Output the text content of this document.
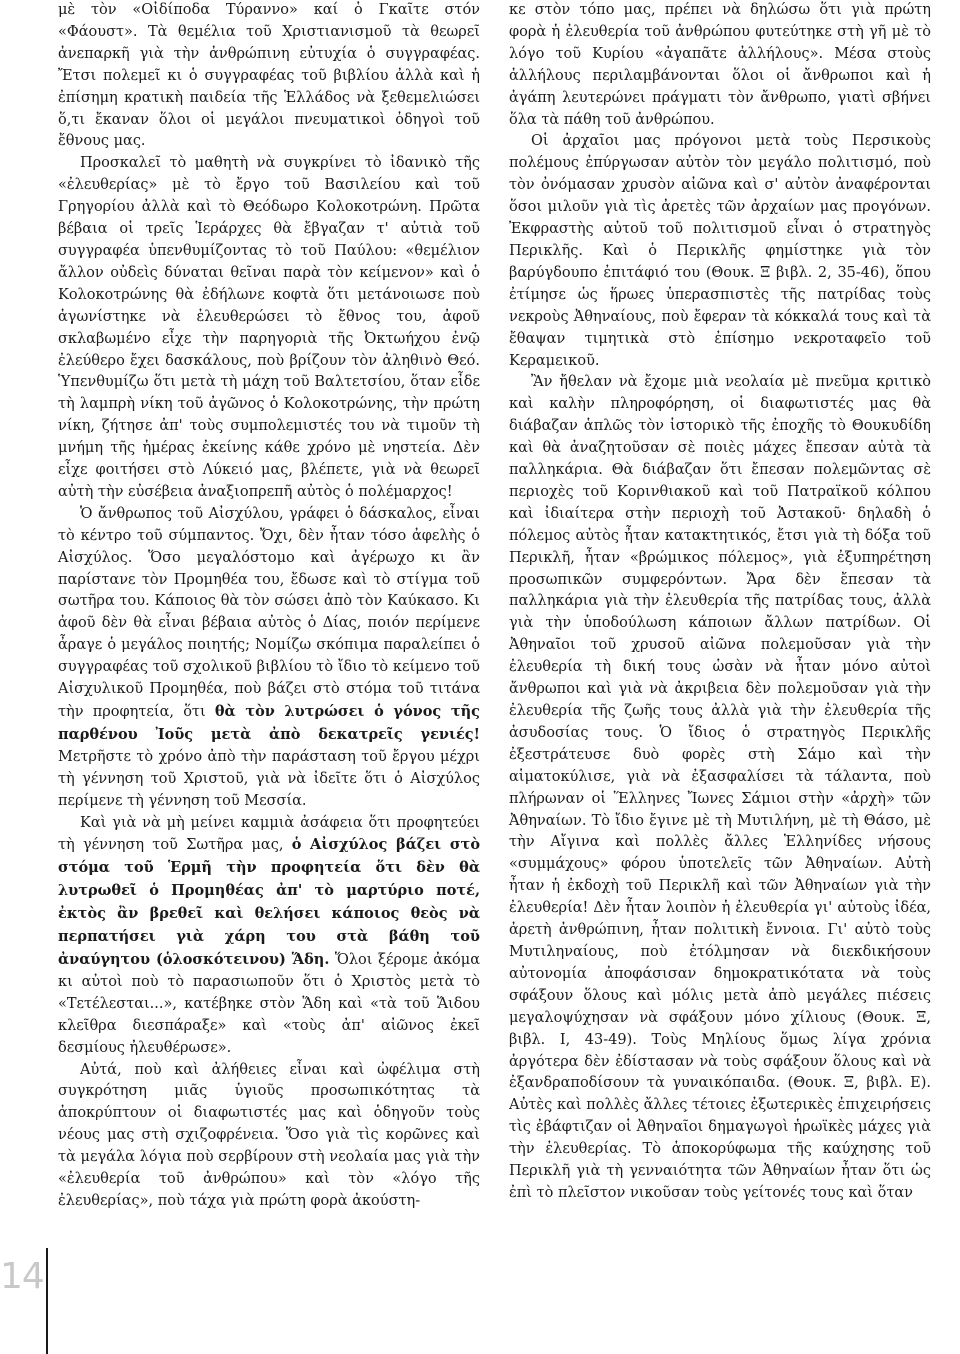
μὲ τὸν «Οἰδίποδα Τύραννο» καί ὁ Γκαῖτε στόν «Φάουστ». Τὰ θεμέλια τοῦ Χριστιανισμοῦ τὰ θεωρεῖ ἀνεπαρκῆ γιὰ τὴν ἀνθρώπινη εὐτυχία ὁ συγγραφέας. Ἔτσι πολεμεῖ κι ὁ συγγραφέας τοῦ βιβλίου ἀλλὰ καὶ ἡ ἐπίσημη κρατικὴ παιδεία τῆς Ἑλλάδος νὰ ξεθεμελιώσει ὅ,τι ἔκαναν ὅλοι οἱ μεγάλοι πνευματικοὶ ὁδηγοὶ τοῦ ἔθνους μας.

Προσκαλεῖ τὸ μαθητὴ νὰ συγκρίνει τὸ ἰδανικὸ τῆς «ἐλευθερίας» μὲ τὸ ἔργο τοῦ Βασιλείου καὶ τοῦ Γρηγορίου ἀλλὰ καὶ τὸ Θεόδωρο Κολοκοτρώνη. Πρῶτα βέβαια οἱ τρεῖς Ἱεράρχες θὰ ἔβγαζαν τ' αὐτιὰ τοῦ συγγραφέα ὑπενθυμίζοντας τὸ τοῦ Παύλου: «θεμέλιον ἄλλον οὐδεὶς δύναται θεῖναι παρὰ τὸν κείμενον» καὶ ὁ Κολοκοτρώνης θὰ ἐδήλωνε κοφτὰ ὅτι μετάνοιωσε ποὺ ἀγωνίστηκε νὰ ἐλευθερώσει τὸ ἔθνος του, ἀφοῦ σκλαβωμένο εἶχε τὴν παρηγοριὰ τῆς Ὀκτωήχου ἐνῷ ἐλεύθερο ἔχει δασκάλους, ποὺ βρίζουν τὸν ἀληθινὸ Θεό. Ὑπενθυμίζω ὅτι μετὰ τὴ μάχη τοῦ Βαλτετσίου, ὅταν εἶδε τὴ λαμπρὴ νίκη τοῦ ἀγῶνος ὁ Κολοκοτρώνης, τὴν πρώτη νίκη, ζήτησε ἀπ' τοὺς συμπολεμιστές του νὰ τιμοῦν τὴ μνήμη τῆς ἡμέρας ἐκείνης κάθε χρόνο μὲ νηστεία. Δὲν εἶχε φοιτήσει στὸ Λύκειό μας, βλέπετε, γιὰ νὰ θεωρεῖ αὐτὴ τὴν εὐσέβεια ἀναξιοπρεπῆ αὐτὸς ὁ πολέμαρχος!

Ὁ ἄνθρωπος τοῦ Αἰσχύλου, γράφει ὁ δάσκαλος, εἶναι τὸ κέντρο τοῦ σύμπαντος. Ὄχι, δὲν ἦταν τόσο ἀφελὴς ὁ Αἰσχύλος. Ὅσο μεγαλόστομο καὶ ἀγέρωχο κι ἂν παρίστανε τὸν Προμηθέα του, ἔδωσε καὶ τὸ στίγμα τοῦ σωτῆρα του. Κάποιος θὰ τὸν σώσει ἀπὸ τὸν Καύκασο. Κι ἀφοῦ δὲν θὰ εἶναι βέβαια αὐτὸς ὁ Δίας, ποιόν περίμενε ἆραγε ὁ μεγάλος ποιητής; Νομίζω σκόπιμα παραλείπει ὁ συγγραφέας τοῦ σχολικοῦ βιβλίου τὸ ἴδιο τὸ κείμενο τοῦ Αἰσχυλικοῦ Προμηθέα, ποὺ βάζει στὸ στόμα τοῦ τιτάνα τὴν προφητεία, ὅτι θὰ τὸν λυτρώσει ὁ γόνος τῆς παρθένου Ἰοῦς μετὰ ἀπὸ δεκατρεῖς γενιές! Μετρῆστε τὸ χρόνο ἀπὸ τὴν παράσταση τοῦ ἔργου μέχρι τὴ γέννηση τοῦ Χριστοῦ, γιὰ νὰ ἰδεῖτε ὅτι ὁ Αἰσχύλος περίμενε τὴ γέννηση τοῦ Μεσσία.

Καὶ γιὰ νὰ μὴ μείνει καμμιὰ ἀσάφεια ὅτι προφητεύει τὴ γέννηση τοῦ Σωτῆρα μας, ὁ Αἰσχύλος βάζει στὸ στόμα τοῦ Ἑρμῆ τὴν προφητεία ὅτι δὲν θὰ λυτρωθεῖ ὁ Προμηθέας ἀπ' τὸ μαρτύριο ποτέ, ἐκτὸς ἂν βρεθεῖ καὶ θελήσει κάποιος θεὸς νὰ περπατήσει γιὰ χάρη του στὰ βάθη τοῦ ἀναύγητου (ὁλοσκότεινου) Ἅδη. Ὅλοι ξέρομε ἀκόμα κι αὐτοὶ ποὺ τὸ παρασιωποῦν ὅτι ὁ Χριστὸς μετὰ τὸ «Τετέλεσται...», κατέβηκε στὸν Ἅδη καὶ «τὰ τοῦ Ἅιδου κλεῖθρα διεσπάραξε» καὶ «τοὺς ἀπ' αἰῶνος ἐκεῖ δεσμίους ἠλευθέρωσε».

Αὐτά, ποὺ καὶ ἀλήθειες εἶναι καὶ ὠφέλιμα στὴ συγκρότηση μιᾶς ὑγιοῦς προσωπικότητας τὰ ἀποκρύπτουν οἱ διαφωτιστές μας καὶ ὁδηγοῦν τοὺς νέους μας στὴ σχιζοφρένεια. Ὅσο γιὰ τὶς κορῶνες καὶ τὰ μεγάλα λόγια ποὺ σερβίρουν στὴ νεολαία μας γιὰ τὴν «ἐλευθερία τοῦ ἀνθρώπου» καὶ τὸν «λόγο τῆς ἐλευθερίας», ποὺ τάχα γιὰ πρώτη φορὰ ἀκούστη-

κε στὸν τόπο μας, πρέπει νὰ δηλώσω ὅτι γιὰ πρώτη φορὰ ἡ ἐλευθερία τοῦ ἀνθρώπου φυτεύτηκε στὴ γῆ μὲ τὸ λόγο τοῦ Κυρίου «ἀγαπᾶτε ἀλλήλους». Μέσα στοὺς ἀλλήλους περιλαμβάνονται ὅλοι οἱ ἄνθρωποι καὶ ἡ ἀγάπη λευτερώνει πράγματι τὸν ἄνθρωπο, γιατὶ σβήνει ὅλα τὰ πάθη τοῦ ἀνθρώπου.

Οἱ ἀρχαῖοι μας πρόγονοι μετὰ τοὺς Περσικοὺς πολέμους ἐπύργωσαν αὐτὸν τὸν μεγάλο πολιτισμό, ποὺ τὸν ὀνόμασαν χρυσὸν αἰῶνα καὶ σ' αὐτὸν ἀναφέρονται ὅσοι μιλοῦν γιὰ τὶς ἀρετὲς τῶν ἀρχαίων μας προγόνων. Ἐκφραστὴς αὐτοῦ τοῦ πολιτισμοῦ εἶναι ὁ στρατηγὸς Περικλῆς. Καὶ ὁ Περικλῆς φημίστηκε γιὰ τὸν βαρύγδουπο ἐπιτάφιό του (Θουκ. Ξ βιβλ. 2, 35-46), ὅπου ἐτίμησε ὡς ἥρωες ὑπερασπιστὲς τῆς πατρίδας τοὺς νεκροὺς Ἀθηναίους, ποὺ ἔφεραν τὰ κόκκαλά τους καὶ τὰ ἔθαψαν τιμητικὰ στὸ ἐπίσημο νεκροταφεῖο τοῦ Κεραμεικοῦ.

Ἂν ἤθελαν νὰ ἔχομε μιὰ νεολαία μὲ πνεῦμα κριτικὸ καὶ καλὴν πληροφόρηση, οἱ διαφωτιστές μας θὰ διάβαζαν ἁπλῶς τὸν ἱστορικὸ τῆς ἐποχῆς τὸ Θουκυδίδη καὶ θὰ ἀναζητοῦσαν σὲ ποιὲς μάχες ἔπεσαν αὐτὰ τὰ παλληκάρια. Θὰ διάβαζαν ὅτι ἔπεσαν πολεμῶντας σὲ περιοχὲς τοῦ Κορινθιακοῦ καὶ τοῦ Πατραϊκοῦ κόλπου καὶ ἰδιαίτερα στὴν περιοχὴ τοῦ Ἀστακοῦ· δηλαδὴ ὁ πόλεμος αὐτὸς ἦταν κατακτητικός, ἔτσι γιὰ τὴ δόξα τοῦ Περικλῆ, ἦταν «βρώμικος πόλεμος», γιὰ ἐξυπηρέτηση προσωπικῶν συμφερόντων. Ἄρα δὲν ἔπεσαν τὰ παλληκάρια γιὰ τὴν ἐλευθερία τῆς πατρίδας τους, ἀλλὰ γιὰ τὴν ὑποδούλωση κάποιων ἄλλων πατρίδων. Οἱ Ἀθηναῖοι τοῦ χρυσοῦ αἰῶνα πολεμοῦσαν γιὰ τὴν ἐλευθερία τὴ δική τους ὡσὰν νὰ ἦταν μόνο αὐτοὶ ἄνθρωποι καὶ γιὰ νὰ ἀκριβεια δὲν πολεμοῦσαν γιὰ τὴν ἐλευθερία τῆς ζωῆς τους ἀλλὰ γιὰ τὴν ἐλευθερία τῆς ἀσυδοσίας τους. Ὁ ἴδιος ὁ στρατηγὸς Περικλῆς ἐξεστράτευσε δυὸ φορὲς στὴ Σάμο καὶ τὴν αἱματοκύλισε, γιὰ νὰ ἐξασφαλίσει τὰ τάλαντα, ποὺ πλήρωναν οἱ Ἕλληνες Ἴωνες Σάμιοι στὴν «ἀρχὴ» τῶν Ἀθηναίων. Τὸ ἴδιο ἔγινε μὲ τὴ Μυτιλήνη, μὲ τὴ Θάσο, μὲ τὴν Αἴγινα καὶ πολλὲς ἄλλες Ἑλληνίδες νήσους «συμμάχους» φόρου ὑποτελεῖς τῶν Ἀθηναίων. Αὐτὴ ἦταν ἡ ἐκδοχὴ τοῦ Περικλῆ καὶ τῶν Ἀθηναίων γιὰ τὴν ἐλευθερία! Δὲν ἦταν λοιπὸν ἡ ἐλευθερία γι' αὐτοὺς ἰδέα, ἀρετὴ ἀνθρώπινη, ἦταν πολιτικὴ ἔννοια. Γι' αὐτὸ τοὺς Μυτιληναίους, ποὺ ἐτόλμησαν νὰ διεκδικήσουν αὐτονομία ἀποφάσισαν δημοκρατικότατα νὰ τοὺς σφάξουν ὅλους καὶ μόλις μετὰ ἀπὸ μεγάλες πιέσεις μεγαλοψύχησαν νὰ σφάξουν μόνο χίλιους (Θουκ. Ξ, βιβλ. Ι, 43-49). Τοὺς Μηλίους ὅμως λίγα χρόνια ἀργότερα δὲν ἐδίστασαν νὰ τοὺς σφάξουν ὅλους καὶ νὰ ἐξανδραποδίσουν τὰ γυναικόπαιδα. (Θουκ. Ξ, βιβλ. Ε). Αὐτὲς καὶ πολλὲς ἄλλες τέτοιες ἐξωτερικὲς ἐπιχειρήσεις τὶς ἐβάφτιζαν οἱ Ἀθηναῖοι δημαγωγοὶ ἡρωϊκὲς μάχες γιὰ τὴν ἐλευθερίας. Τὸ ἀποκορύφωμα τῆς καύχησης τοῦ Περικλῆ γιὰ τὴ γενναιότητα τῶν Ἀθηναίων ἦταν ὅτι ὡς ἐπὶ τὸ πλεῖστον νικοῦσαν τοὺς γείτονές τους καὶ ὅταν

14
